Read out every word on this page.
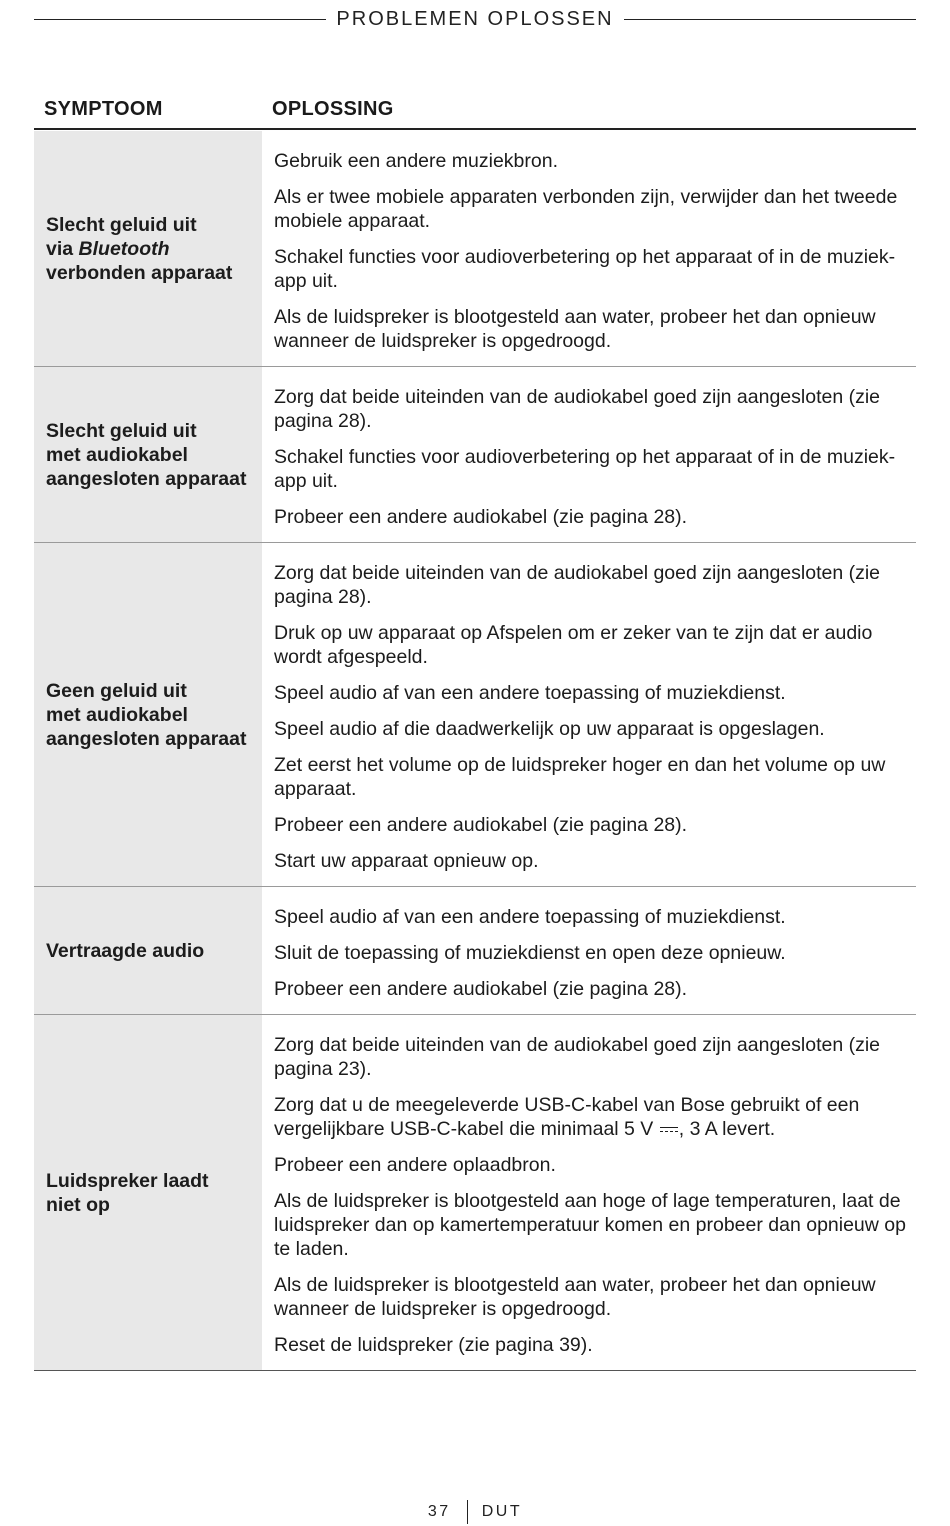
PROBLEMEN OPLOSSEN
SYMPTOOM	OPLOSSING
Slecht geluid uit
via Bluetooth
verbonden apparaat

Gebruik een andere muziekbron.

Als er twee mobiele apparaten verbonden zijn, verwijder dan het tweede mobiele apparaat.

Schakel functies voor audioverbetering op het apparaat of in de muziek-app uit.

Als de luidspreker is blootgesteld aan water, probeer het dan opnieuw wanneer de luidspreker is opgedroogd.

Slecht geluid uit
met audiokabel
aangesloten apparaat

Zorg dat beide uiteinden van de audiokabel goed zijn aangesloten (zie pagina 28).

Schakel functies voor audioverbetering op het apparaat of in de muziek-app uit.

Probeer een andere audiokabel (zie pagina 28).

Geen geluid uit
met audiokabel
aangesloten apparaat

Zorg dat beide uiteinden van de audiokabel goed zijn aangesloten (zie pagina 28).

Druk op uw apparaat op Afspelen om er zeker van te zijn dat er audio wordt afgespeeld.

Speel audio af van een andere toepassing of muziekdienst.

Speel audio af die daadwerkelijk op uw apparaat is opgeslagen.

Zet eerst het volume op de luidspreker hoger en dan het volume op uw apparaat.

Probeer een andere audiokabel (zie pagina 28).

Start uw apparaat opnieuw op.

Vertraagde audio

Speel audio af van een andere toepassing of muziekdienst.

Sluit de toepassing of muziekdienst en open deze opnieuw.

Probeer een andere audiokabel (zie pagina 28).

Luidspreker laadt
niet op

Zorg dat beide uiteinden van de audiokabel goed zijn aangesloten (zie pagina 23).

Zorg dat u de meegeleverde USB-C-kabel van Bose gebruikt of een vergelijkbare USB-C-kabel die minimaal 5 V , 3 A levert.

Probeer een andere oplaadbron.

Als de luidspreker is blootgesteld aan hoge of lage temperaturen, laat de luidspreker dan op kamertemperatuur komen en probeer dan opnieuw op te laden.

Als de luidspreker is blootgesteld aan water, probeer het dan opnieuw wanneer de luidspreker is opgedroogd.

Reset de luidspreker (zie pagina 39).

37 DUT
